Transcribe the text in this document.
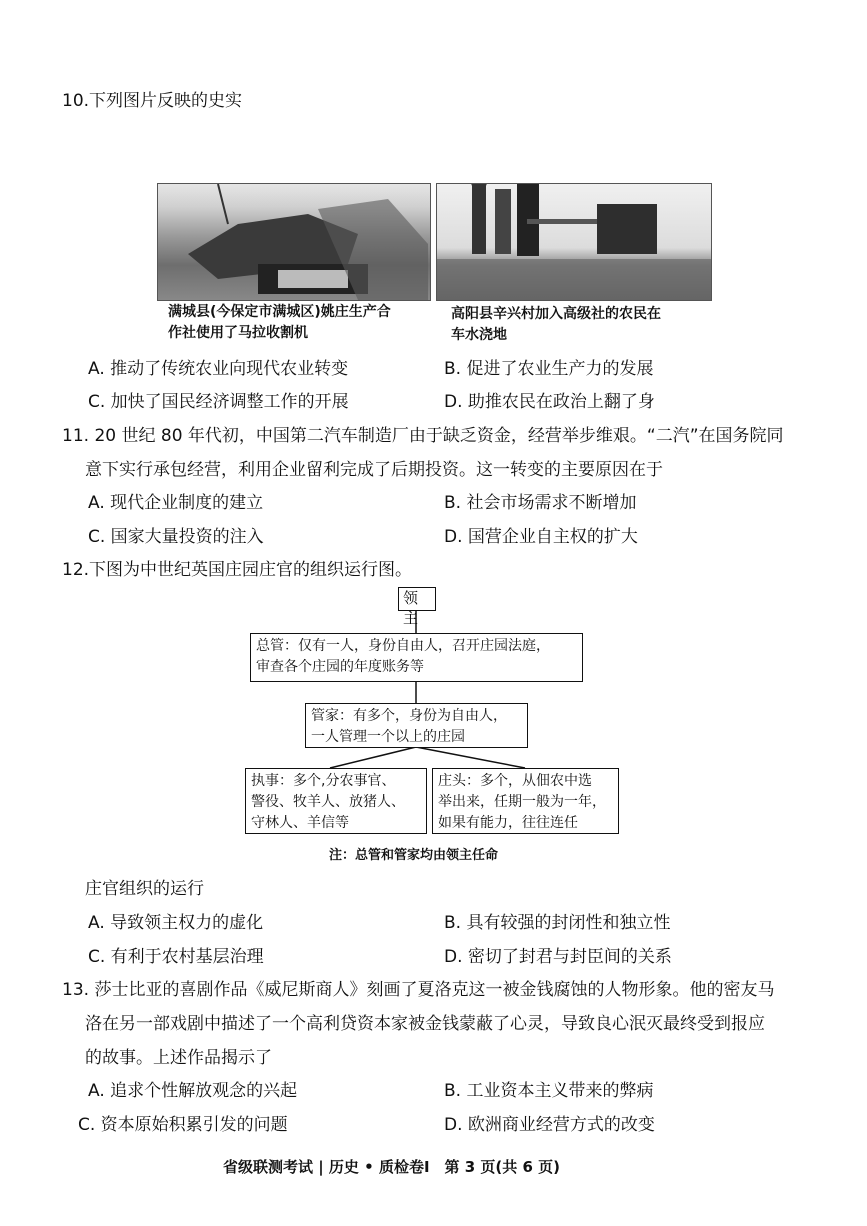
10.下列图片反映的史实
满城县(今保定市满城区)姚庄生产合
作社使用了马拉收割机
高阳县辛兴村加入高级社的农民在
车水浇地
A. 推动了传统农业向现代农业转变	B. 促进了农业生产力的发展
C. 加快了国民经济调整工作的开展	D. 助推农民在政治上翻了身
11. 20 世纪 80 年代初，中国第二汽车制造厂由于缺乏资金，经营举步维艰。“二汽”在国务院同
意下实行承包经营，利用企业留利完成了后期投资。这一转变的主要原因在于
A. 现代企业制度的建立	B. 社会市场需求不断增加
C. 国家大量投资的注入	D. 国营企业自主权的扩大
12.下图为中世纪英国庄园庄官的组织运行图。
领主
总管：仅有一人，身份自由人，召开庄园法庭，
审查各个庄园的年度账务等
管家：有多个，身份为自由人，
一人管理一个以上的庄园
执事：多个,分农事官、
警役、牧羊人、放猪人、
守林人、羊信等
庄头：多个，从佃农中选
举出来，任期一般为一年，
如果有能力，往往连任
注：总管和管家均由领主任命
庄官组织的运行
A. 导致领主权力的虚化	B. 具有较强的封闭性和独立性
C. 有利于农村基层治理	D. 密切了封君与封臣间的关系
13. 莎士比亚的喜剧作品《威尼斯商人》刻画了夏洛克这一被金钱腐蚀的人物形象。他的密友马
洛在另一部戏剧中描述了一个高利贷资本家被金钱蒙蔽了心灵，导致良心泯灭最终受到报应
的故事。上述作品揭示了
A. 追求个性解放观念的兴起	B. 工业资本主义带来的弊病
C. 资本原始积累引发的问题	D. 欧洲商业经营方式的改变
省级联测考试 | 历史 • 质检卷Ⅰ　第 3 页(共 6 页)
